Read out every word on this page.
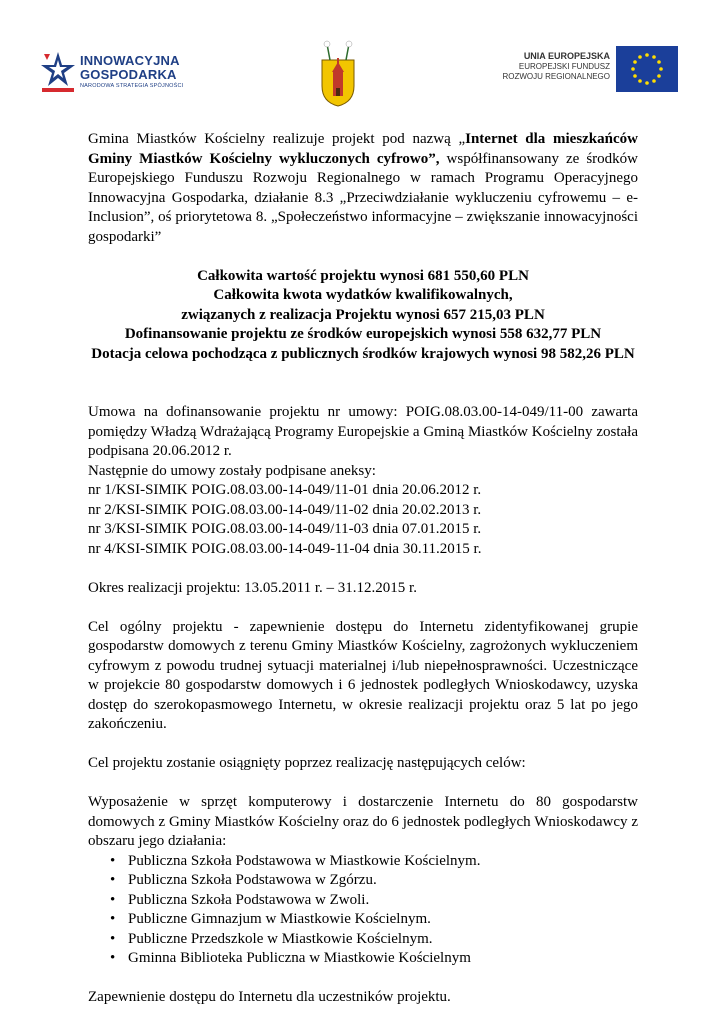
INNOWACYJNA
GOSPODARKA
NARODOWA STRATEGIA SPÓJNOŚCI
UNIA EUROPEJSKA
EUROPEJSKI FUNDUSZ
ROZWOJU REGIONALNEGO

Gmina Miastków Kościelny realizuje projekt pod nazwą „Internet dla mieszkańców Gminy Miastków Kościelny wykluczonych cyfrowo”, współfinansowany ze środków Europejskiego Funduszu Rozwoju Regionalnego w ramach Programu Operacyjnego Innowacyjna Gospodarka, działanie 8.3 „Przeciwdziałanie wykluczeniu cyfrowemu – e-Inclusion”, oś priorytetowa 8. „Społeczeństwo informacyjne – zwiększanie innowacyjności gospodarki”

Całkowita wartość projektu wynosi 681 550,60 PLN

Całkowita kwota wydatków kwalifikowalnych,

związanych z realizacja Projektu wynosi 657 215,03 PLN

Dofinansowanie projektu ze środków europejskich wynosi 558 632,77 PLN

Dotacja celowa pochodząca z publicznych środków krajowych wynosi 98 582,26 PLN

Umowa na dofinansowanie projektu nr umowy: POIG.08.03.00-14-049/11-00 zawarta pomiędzy Władzą Wdrażającą Programy Europejskie a Gminą Miastków Kościelny została podpisana 20.06.2012 r.

Następnie do umowy zostały podpisane aneksy:

nr 1/KSI-SIMIK POIG.08.03.00-14-049/11-01 dnia 20.06.2012 r.

nr 2/KSI-SIMIK POIG.08.03.00-14-049/11-02 dnia 20.02.2013 r.

nr 3/KSI-SIMIK POIG.08.03.00-14-049/11-03 dnia 07.01.2015 r.

nr 4/KSI-SIMIK POIG.08.03.00-14-049-11-04 dnia 30.11.2015 r.

Okres realizacji projektu: 13.05.2011 r. – 31.12.2015 r.

Cel ogólny projektu - zapewnienie dostępu do Internetu zidentyfikowanej grupie gospodarstw domowych z terenu Gminy Miastków Kościelny, zagrożonych wykluczeniem cyfrowym z powodu trudnej sytuacji materialnej i/lub niepełnosprawności. Uczestniczące w projekcie 80 gospodarstw domowych i 6 jednostek podległych Wnioskodawcy, uzyska dostęp do szerokopasmowego Internetu, w okresie realizacji projektu oraz 5 lat po jego zakończeniu.

Cel projektu zostanie osiągnięty poprzez realizację następujących celów:

Wyposażenie w sprzęt komputerowy i dostarczenie Internetu do 80 gospodarstw domowych z Gminy Miastków Kościelny oraz do 6 jednostek podległych Wnioskodawcy z obszaru jego działania:

• Publiczna Szkoła Podstawowa w Miastkowie Kościelnym.
• Publiczna Szkoła Podstawowa w Zgórzu.
• Publiczna Szkoła Podstawowa w Zwoli.
• Publiczne Gimnazjum w Miastkowie Kościelnym.
• Publiczne Przedszkole w Miastkowie Kościelnym.
• Gminna Biblioteka Publiczna w Miastkowie Kościelnym

Zapewnienie dostępu do Internetu dla uczestników projektu.
